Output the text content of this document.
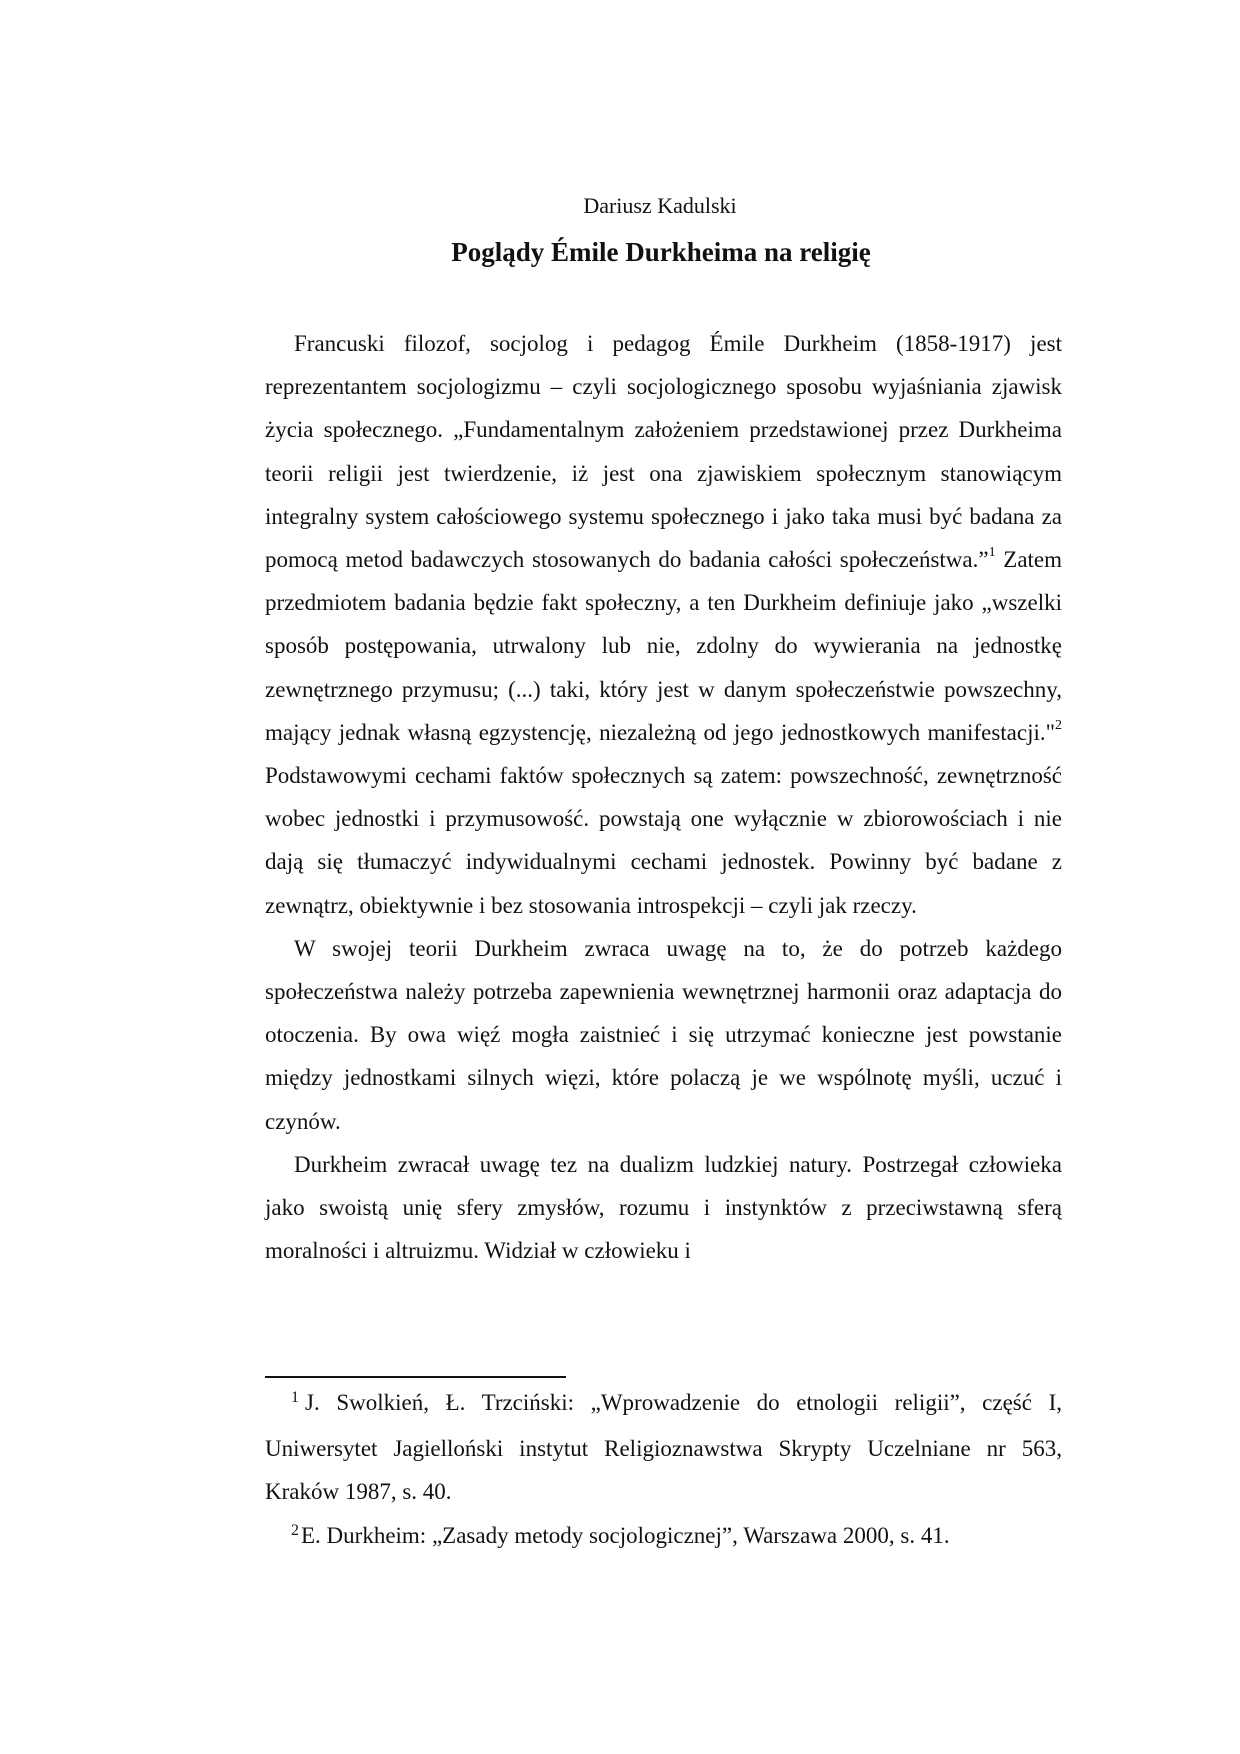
Dariusz Kadulski
Poglądy Émile Durkheima na religię

Francuski filozof, socjolog i pedagog Émile Durkheim (1858-1917) jest reprezentantem socjologizmu – czyli socjologicznego sposobu wyjaśniania zjawisk życia społecznego. „Fundamentalnym założeniem przedstawionej przez Durkheima teorii religii jest twierdzenie, iż jest ona zjawiskiem społecznym stanowiącym integralny system całościowego systemu społecznego i jako taka musi być badana za pomocą metod badawczych stosowanych do badania całości społeczeństwa.”$^1$ Zatem przedmiotem badania będzie fakt społeczny, a ten Durkheim definiuje jako „wszelki sposób postępowania, utrwalony lub nie, zdolny do wywierania na jednostkę zewnętrznego przymusu; (...) taki, który jest w danym społeczeństwie powszechny, mający jednak własną egzystencję, niezależną od jego jednostkowych manifestacji."$^2$ Podstawowymi cechami faktów społecznych są zatem: powszechność, zewnętrzność wobec jednostki i przymusowość. powstają one wyłącznie w zbiorowościach i nie dają się tłumaczyć indywidualnymi cechami jednostek. Powinny być badane z zewnątrz, obiektywnie i bez stosowania introspekcji – czyli jak rzeczy.

W swojej teorii Durkheim zwraca uwagę na to, że do potrzeb każdego społeczeństwa należy potrzeba zapewnienia wewnętrznej harmonii oraz adaptacja do otoczenia. By owa więź mogła zaistnieć i się utrzymać konieczne jest powstanie między jednostkami silnych więzi, które polaczą je we wspólnotę myśli, uczuć i czynów.

Durkheim zwracał uwagę tez na dualizm ludzkiej natury. Postrzegał człowieka jako swoistą unię sfery zmysłów, rozumu i instynktów z przeciwstawną sferą moralności i altruizmu. Widział w człowieku i

$^1$ J. Swolkień, Ł. Trzciński: „Wprowadzenie do etnologii religii”, część I, Uniwersytet Jagielloński instytut Religioznawstwa Skrypty Uczelniane nr 563, Kraków 1987, s. 40.

$^2$E. Durkheim: „Zasady metody socjologicznej”, Warszawa 2000, s. 41.
